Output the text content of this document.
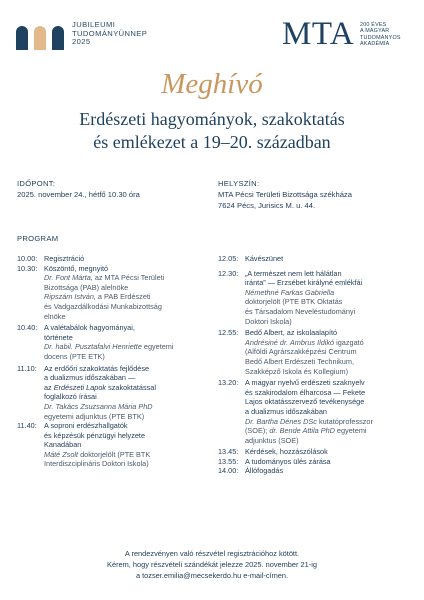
JUBILEUMI
TUDOMÁNYÜNNEP
2025	MTA 200 ÉVES
A MAGYAR
TUDOMÁNYOS
AKADÉMIA
Meghívó
Erdészeti hagyományok, szakoktatás
és emlékezet a 19–20. században
IDŐPONT:
2025. november 24., hétfő 10.30 óra
HELYSZÍN:
MTA Pécsi Területi Bizottsága székháza
7624 Pécs, Jurisics M. u. 44.
PROGRAM
10.00: Regisztráció
10.30: Köszöntő, megnyitó
Dr. Font Márta, az MTA Pécsi Területi
Bizottsága (PAB) alelnöke
Ripszám István, a PAB Erdészeti
és Vadgazdálkodási Munkabizottság
elnöke
10.40: A valétabálok hagyományai,
története
Dr. habil. Pusztafalvi Henriette egyetemi
docens (PTE ETK)
11.10: Az erdőőri szakoktatás fejlődése
a dualizmus időszakában —
az Erdészeti Lapok szakoktatással
foglalkozó írásai
Dr. Takács Zsuzsanna Mária PhD
egyetemi adjunktus (PTE BTK)
11.40: A soproni erdészhallgatók
és képzésük pénzügyi helyzete
Kanadában
Máté Zsolt doktorjelölt (PTE BTK
Interdiszciplináris Doktori Iskola)
12.05: Kávészünet
12.30: „A természet nem lett hálátlan
iránta” — Erzsébet királyné emlékfái
Némethné Farkas Gabriella
doktorjelölt (PTE BTK Oktatás
és Társadalom Neveléstudományi
Doktori Iskola)
12.55: Bedő Albert, az iskolaalapító
Andrésiné dr. Ambrus Ildikó igazgató
(Alföldi Agrárszakképzési Centrum
Bedő Albert Erdészeti Technikum,
Szakképző Iskola és Kollegium)
13.20: A magyar nyelvű erdészeti szaknyelv
és szakirodalom élharcosa — Fekete
Lajos oktatásszervező tevékenysége
a dualizmus időszakában
Dr. Bartha Dénes DSc kutatóprofesszor
(SOE); dr. Bende Attila PhD egyetemi
adjunktus (SOE)
13.45: Kérdések, hozzászólások
13.55: A tudományos ülés zárása
14.00: Állófogadás
A rendezvényen való részvétel regisztrációhoz kötött.
Kérem, hogy részvételi szándékát jelezze 2025. november 21-ig
a tozser.emilia@mecsekerdo.hu e-mail-címen.
